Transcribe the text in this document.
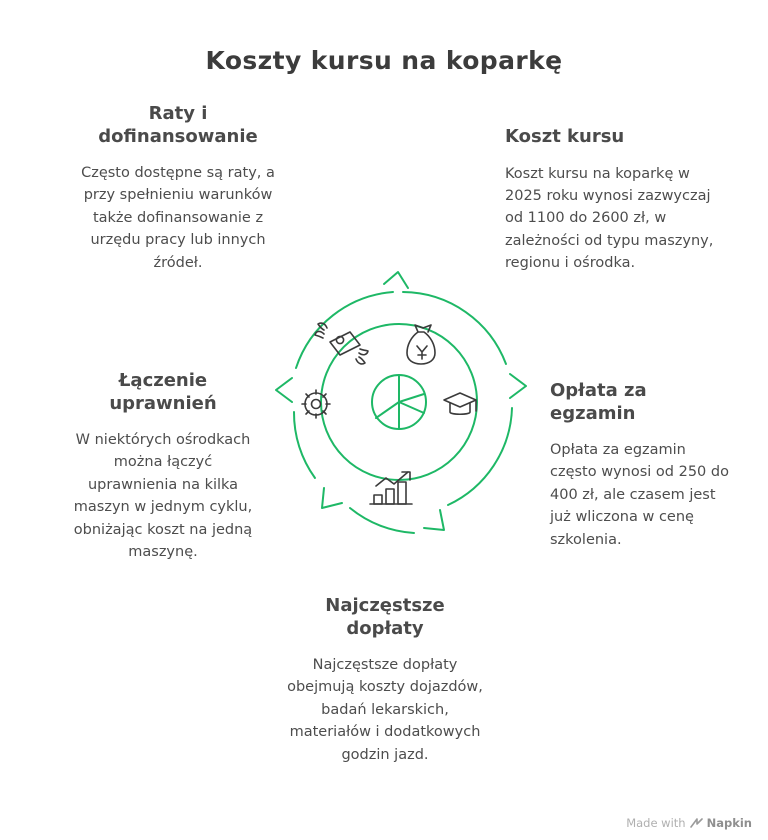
Koszty kursu na koparkę
Raty i dofinansowanie

Często dostępne są raty, a przy spełnieniu warunków także dofinansowanie z urzędu pracy lub innych źródeł.

Koszt kursu

Koszt kursu na koparkę w 2025 roku wynosi zazwyczaj od 1100 do 2600 zł, w zależności od typu maszyny, regionu i ośrodka.

Łączenie uprawnień

W niektórych ośrodkach można łączyć uprawnienia na kilka maszyn w jednym cyklu, obniżając koszt na jedną maszynę.

Opłata za egzamin

Opłata za egzamin często wynosi od 250 do 400 zł, ale czasem jest już wliczona w cenę szkolenia.

Najczęstsze dopłaty

Najczęstsze dopłaty obejmują koszty dojazdów, badań lekarskich, materiałów i dodatkowych godzin jazd.

Made with Napkin
